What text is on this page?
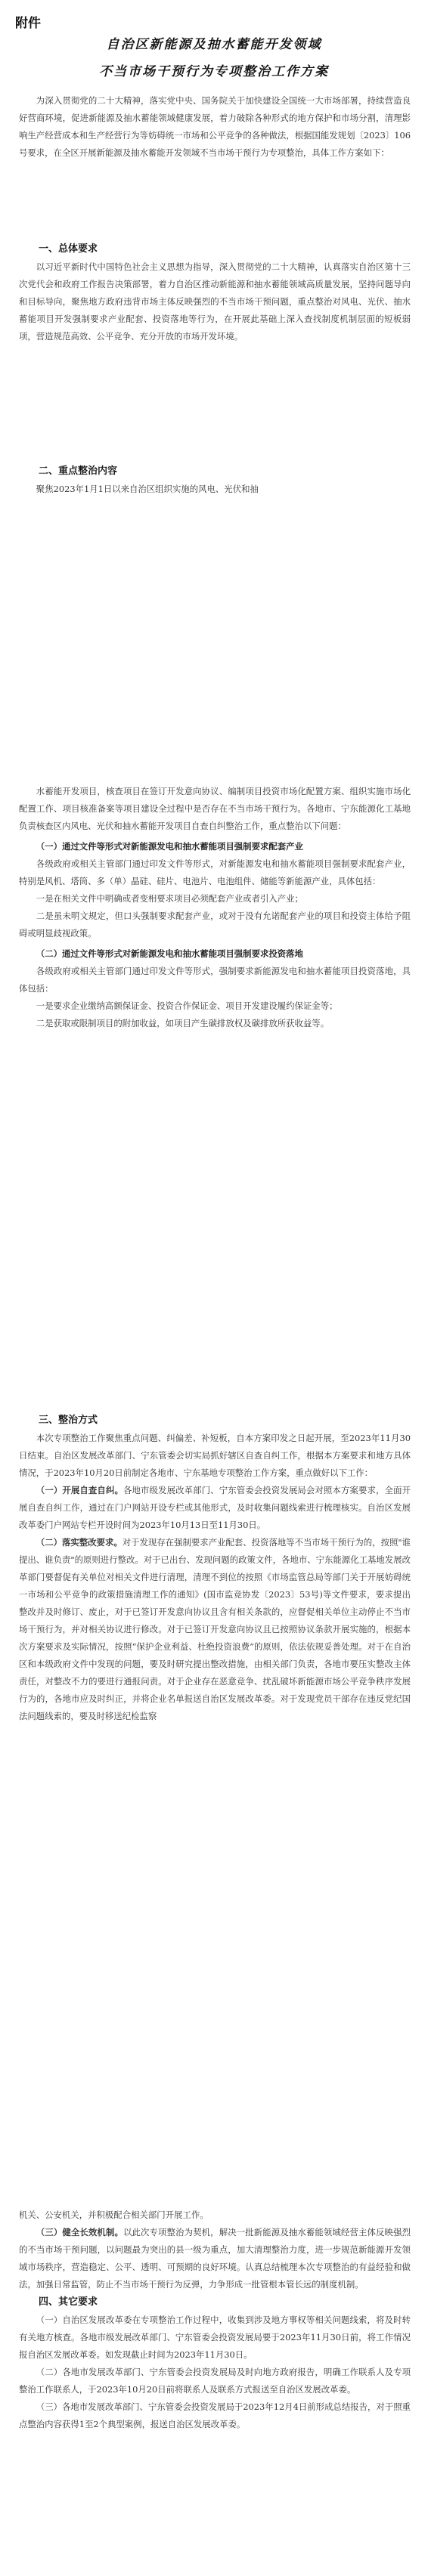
附件
自治区新能源及抽水蓄能开发领域
不当市场干预行为专项整治工作方案

为深入贯彻党的二十大精神，落实党中央、国务院关于加快建设全国统一大市场部署，持续营造良好营商环境，促进新能源及抽水蓄能领域健康发展，着力破除各种形式的地方保护和市场分割，清理影响生产经营成本和生产经营行为等妨碍统一市场和公平竞争的各种做法，根据国能发规划〔2023〕106号要求，在全区开展新能源及抽水蓄能开发领域不当市场干预行为专项整治，具体工作方案如下：

一、总体要求

以习近平新时代中国特色社会主义思想为指导，深入贯彻党的二十大精神，认真落实自治区第十三次党代会和政府工作报告决策部署，着力自治区推动新能源和抽水蓄能领域高质量发展，坚持问题导向和目标导向，聚焦地方政府违背市场主体反映强烈的不当市场干预问题，重点整治对风电、光伏、抽水蓄能项目开发强制要求产业配套、投资落地等行为，在开展此基础上深入查找制度机制层面的短板弱项，营造规范高效、公平竞争、充分开放的市场开发环境。

二、重点整治内容

聚焦2023年1月1日以来自治区组织实施的风电、光伏和抽

水蓄能开发项目，核查项目在签订开发意向协议、编制项目投资市场化配置方案、组织实施市场化配置工作、项目核准备案等项目建设全过程中是否存在不当市场干预行为。各地市、宁东能源化工基地负责核查区内风电、光伏和抽水蓄能开发项目自查自纠整治工作，重点整治以下问题：

（一）通过文件等形式对新能源发电和抽水蓄能项目强制要求配套产业

各级政府或相关主管部门通过印发文件等形式，对新能源发电和抽水蓄能项目强制要求配套产业，特别是风机、塔筒、多（单）晶硅、硅片、电池片、电池组件、储能等新能源产业，具体包括：

一是在相关文件中明确或者变相要求项目必须配套产业或者引入产业；

二是虽未明文规定，但口头强制要求配套产业，或对于没有允诺配套产业的项目和投资主体给予阻碍或明显歧视政策。

（二）通过文件等形式对新能源发电和抽水蓄能项目强制要求投资落地

各级政府或相关主管部门通过印发文件等形式，强制要求新能源发电和抽水蓄能项目投资落地，具体包括：

一是要求企业缴纳高额保证金、投资合作保证金、项目开发建设履约保证金等；

二是获取或限制项目的附加收益，如项目产生碳排放权及碳排放所获收益等。

三、整治方式

本次专项整治工作聚焦重点问题、纠偏差、补短板，自本方案印发之日起开展，至2023年11月30日结束。自治区发展改革部门、宁东管委会切实局抓好辖区自查自纠工作，根据本方案要求和地方具体情况，于2023年10月20日前制定各地市、宁东基地专项整治工作方案，重点做好以下工作：

（一）开展自查自纠。各地市级发展改革部门、宁东管委会投资发展局会对照本方案要求，全面开展自查自纠工作，通过在门户网站开设专栏或其他形式，及时收集问题线索进行梳理核实。自治区发展改革委门户网站专栏开设时间为2023年10月13日至11月30日。

（二）落实整改要求。对于发现存在强制要求产业配套、投资落地等不当市场干预行为的，按照"谁提出、谁负责"的原则进行整改。对于已出台、发现问题的政策文件，各地市、宁东能源化工基地发展改革部门要督促有关单位对相关文件进行清理，清理不到位的按照《市场监管总局等部门关于开展妨碍统一市场和公平竞争的政策措施清理工作的通知》(国市监竞协发〔2023〕53号)等文件要求，要求提出整改并及时修订、废止，对于已签订开发意向协议且含有相关条款的，应督促相关单位主动停止不当市场干预行为，并对相关协议进行修改。对于已签订开发意向协议且已按照协议条款开展实施的，根据本次方案要求及实际情况，按照“保护企业利益、杜绝投资浪费”的原则，依法依规妥善处理。对于在自治区和本级政府文件中发现的问题，要及时研究提出整改措施，由相关部门负责，各地市要压实整改主体责任，对整改不力的要进行通报问责。对于企业存在恶意竞争、扰乱破坏新能源市场公平竞争秩序发展行为的，各地市应及时纠正，并将企业名单报送自治区发展改革委。对于发现党员干部存在违反党纪国法问题线索的，要及时移送纪检监察

机关、公安机关，并积极配合相关部门开展工作。

（三）健全长效机制。以此次专项整治为契机，解决一批新能源及抽水蓄能领域经营主体反映强烈的不当市场干预问题，以问题最为突出的县一级为重点，加大清理整治力度，进一步规范新能源开发领域市场秩序，营造稳定、公平、透明、可预期的良好环境。认真总结梳理本次专项整治的有益经验和做法，加强日常监管，防止不当市场干预行为反弹，力争形成一批管根本管长远的制度机制。

四、其它要求

（一）自治区发展改革委在专项整治工作过程中，收集到涉及地方事权等相关问题线索，将及时转有关地方核查。各地市级发展改革部门、宁东管委会投资发展局要于2023年11月30日前，将工作情况报自治区发展改革委。如发现截止时间为2023年11月30日。

（二）各地市发展改革部门、宁东管委会投资发展局及时向地方政府报告，明确工作联系人及专项整治工作联系人，于2023年10月20日前将联系人及联系方式报送至自治区发展改革委。

（三）各地市发展改革部门、宁东管委会投资发展局于2023年12月4日前形成总结报告，对于照重点整治内容获得1至2个典型案例，报送自治区发展改革委。
